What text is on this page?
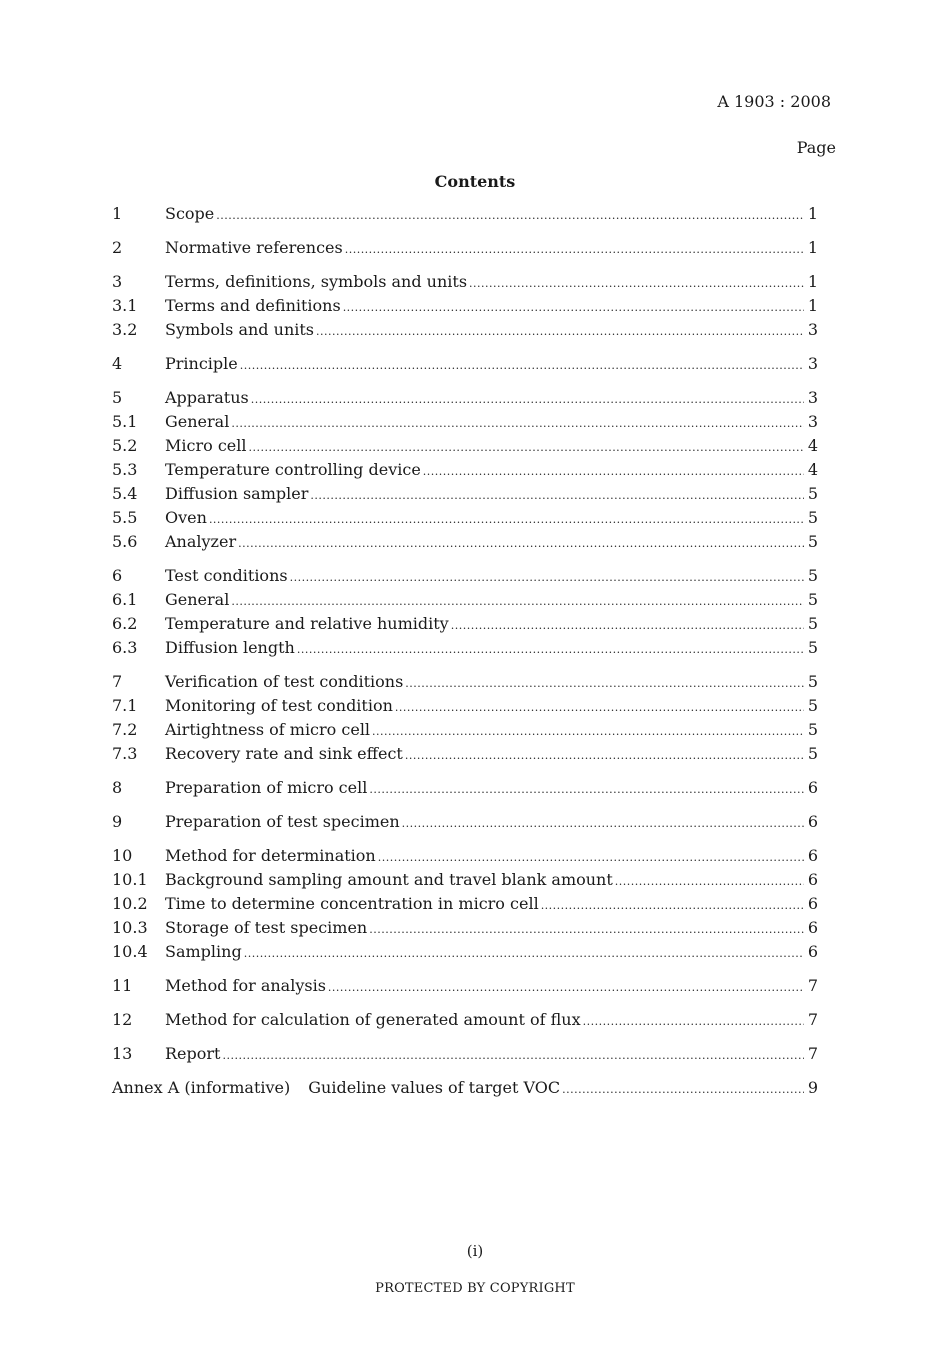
A 1903 : 2008
Page
Contents
1	Scope .....	1
2	Normative references .....	1
3	Terms, definitions, symbols and units .....	1
3.1	Terms and definitions .....	1
3.2	Symbols and units .....	3
4	Principle .....	3
5	Apparatus .....	3
5.1	General .....	3
5.2	Micro cell .....	4
5.3	Temperature controlling device .....	4
5.4	Diffusion sampler .....	5
5.5	Oven .....	5
5.6	Analyzer .....	5
6	Test conditions .....	5
6.1	General .....	5
6.2	Temperature and relative humidity .....	5
6.3	Diffusion length .....	5
7	Verification of test conditions .....	5
7.1	Monitoring of test condition .....	5
7.2	Airtightness of micro cell .....	5
7.3	Recovery rate and sink effect .....	5
8	Preparation of micro cell .....	6
9	Preparation of test specimen .....	6
10	Method for determination .....	6
10.1	Background sampling amount and travel blank amount .....	6
10.2	Time to determine concentration in micro cell .....	6
10.3	Storage of test specimen .....	6
10.4	Sampling .....	6
11	Method for analysis .....	7
12	Method for calculation of generated amount of flux .....	7
13	Report .....	7
Annex A (informative)	Guideline values of target VOC .....	9
(i)
PROTECTED BY COPYRIGHT
